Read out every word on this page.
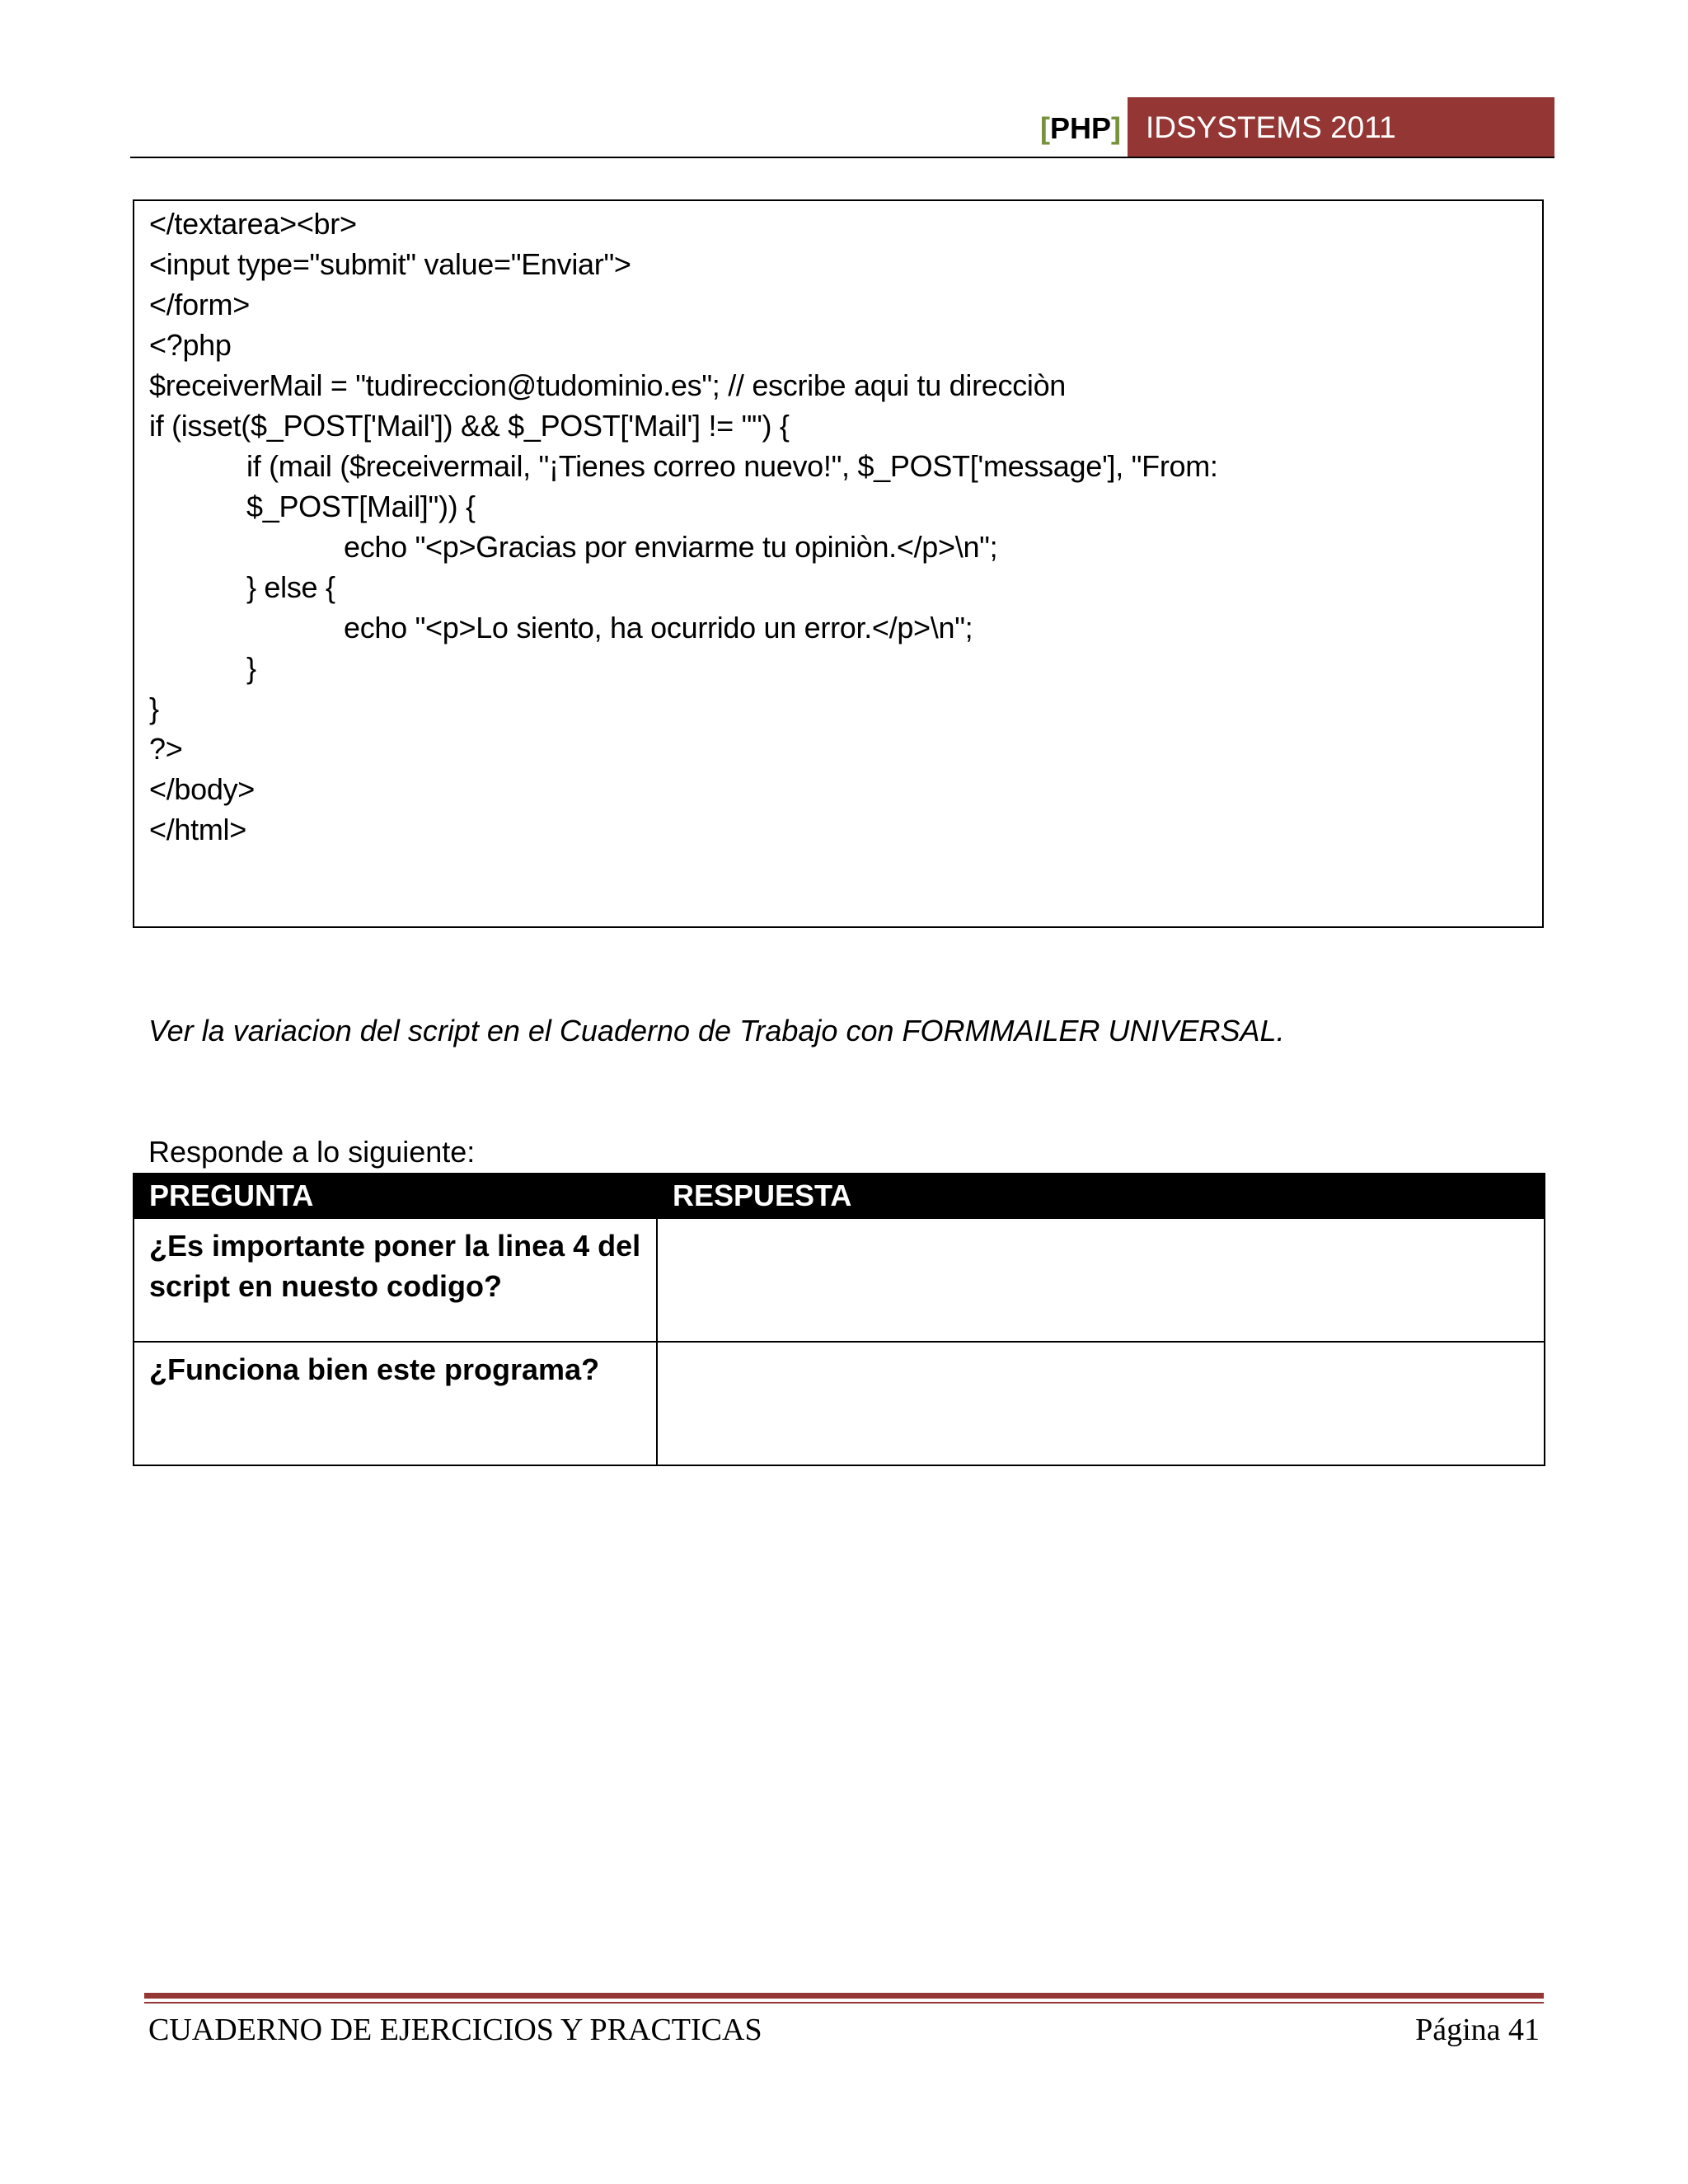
[PHP] IDSYSTEMS 2011
</textarea><br>
<input type="submit" value="Enviar">
</form>
<?php
$receiverMail = "tudireccion@tudominio.es"; // escribe aqui tu direcciòn
if (isset($_POST['Mail']) && $_POST['Mail'] != "") {
if (mail ($receivermail, "¡Tienes correo nuevo!", $_POST['message'], "From:
$_POST[Mail]")) {
echo "<p>Gracias por enviarme tu opiniòn.</p>\n";
} else {
echo "<p>Lo siento, ha ocurrido un error.</p>\n";
}
}
?>
</body>
</html>
Ver la variacion del script en el Cuaderno de Trabajo con FORMMAILER UNIVERSAL.
Responde a lo siguiente:
PREGUNTA	RESPUESTA

¿Es importante poner la linea 4 del
script en nuesto codigo?	

¿Funciona bien este programa?	

CUADERNO DE EJERCICIOS Y PRACTICAS	Página 41
